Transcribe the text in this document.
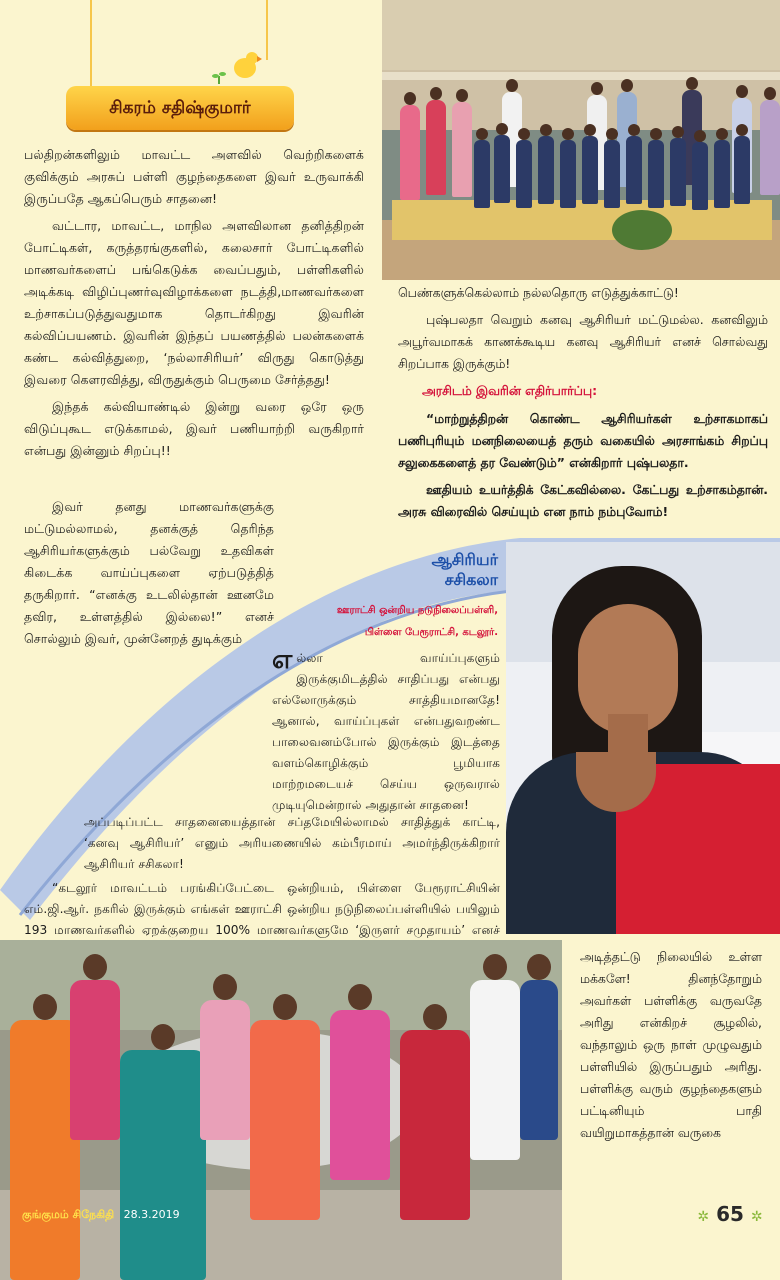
சிகரம் சதிஷ்குமார்

பல்திறன்களிலும் மாவட்ட அளவில் வெற்றிகளைக் குவிக்கும் அரசுப் பள்ளி குழந்தைகளை இவர் உருவாக்கி இருப்பதே ஆகப்பெரும் சாதனை!

வட்டார, மாவட்ட, மாநில அளவிலான தனித்திறன் போட்டிகள், கருத்தரங்குகளில், கலைசார் போட்டிகளில் மாணவர்களைப் பங்கெடுக்க வைப்பதும், பள்ளிகளில் அடிக்கடி விழிப்புணர்வுவிழாக்களை நடத்தி,மாணவர்களை உற்சாகப்படுத்துவதுமாக தொடர்கிறது இவரின் கல்விப்பயணம். இவரின் இந்தப் பயணத்தில் பலன்களைக் கண்ட கல்வித்துறை, ‘நல்லாசிரியர்’ விருது கொடுத்து இவரை கௌரவித்து, விருதுக்கும் பெருமை சேர்த்தது!

இந்தக் கல்வியாண்டில் இன்று வரை ஒரே ஒரு விடுப்புகூட எடுக்காமல், இவர் பணியாற்றி வருகிறார் என்பது இன்னும் சிறப்பு!!

இவர் தனது மாணவர்களுக்கு மட்டுமல்லாமல், தனக்குத் தெரிந்த ஆசிரியர்களுக்கும் பல்வேறு உதவிகள் கிடைக்க வாய்ப்புகளை ஏற்படுத்தித் தருகிறார். “எனக்கு உடலில்தான் ஊனமே தவிர, உள்ளத்தில் இல்லை!” எனச் சொல்லும் இவர், முன்னேறத் துடிக்கும்

பெண்களுக்கெல்லாம் நல்லதொரு எடுத்துக்காட்டு!

புஷ்பலதா வெறும் கனவு ஆசிரியர் மட்டுமல்ல. கனவிலும் அபூர்வமாகக் காணக்கூடிய கனவு ஆசிரியர் எனச் சொல்வது சிறப்பாக இருக்கும்!

அரசிடம் இவரின் எதிர்பார்ப்பு:

“மாற்றுத்திறன் கொண்ட ஆசிரியர்கள் உற்சாகமாகப் பணிபுரியும் மனநிலையைத் தரும் வகையில் அரசாங்கம் சிறப்பு சலுகைகளைத் தர வேண்டும்” என்கிறார் புஷ்பலதா.

ஊதியம் உயர்த்திக் கேட்கவில்லை. கேட்பது உற்சாகம்தான். அரசு விரைவில் செய்யும் என நாம் நம்புவோம்!

ஆசிரியர்
சசிகலா
ஊராட்சி ஒன்றிய நடுநிலைப்பள்ளி,
பிள்ளை பேரூராட்சி, கடலூர்.
எ ல்லா வாய்ப்புகளும் இருக்குமிடத்தில் சாதிப்பது என்பது எல்லோருக்கும் சாத்தியமானதே! ஆனால், வாய்ப்புகள் என்பதுவறண்ட பாலைவனம்போல் இருக்கும் இடத்தை வளம்கொழிக்கும் பூமியாக மாற்றமடையச் செய்ய ஒருவரால் முடியுமென்றால் அதுதான் சாதனை!

அப்படிப்பட்ட சாதனையைத்தான் சப்தமேயில்லாமல் சாதித்துக் காட்டி, ‘கனவு ஆசிரியர்’ எனும் அரியணையில் கம்பீரமாய் அமர்ந்திருக்கிறார் ஆசிரியர் சசிகலா!

“கடலூர் மாவட்டம் பரங்கிப்பேட்டை ஒன்றியம், பிள்ளை பேரூராட்சியின் எம்.ஜி.ஆர். நகரில் இருக்கும் எங்கள் ஊராட்சி ஒன்றிய நடுநிலைப்பள்ளியில் பயிலும் 193 மாணவர்களில் ஏறக்குறைய 100% மாணவர்களுமே ‘இருளர் சமுதாயம்’ எனச்

அடித்தட்டு நிலையில் உள்ள மக்களே! தினந்தோறும் அவர்கள் பள்ளிக்கு வருவதே அரிது என்கிறச் சூழலில், வந்தாலும் ஒரு நாள் முழுவதும் பள்ளியில் இருப்பதும் அரிது. பள்ளிக்கு வரும் குழந்தைகளும் பட்டினியும் பாதி வயிறுமாகத்தான் வருகை

குங்குமம் சிநேகிதி 28.3.2019	✲ 65 ✲
